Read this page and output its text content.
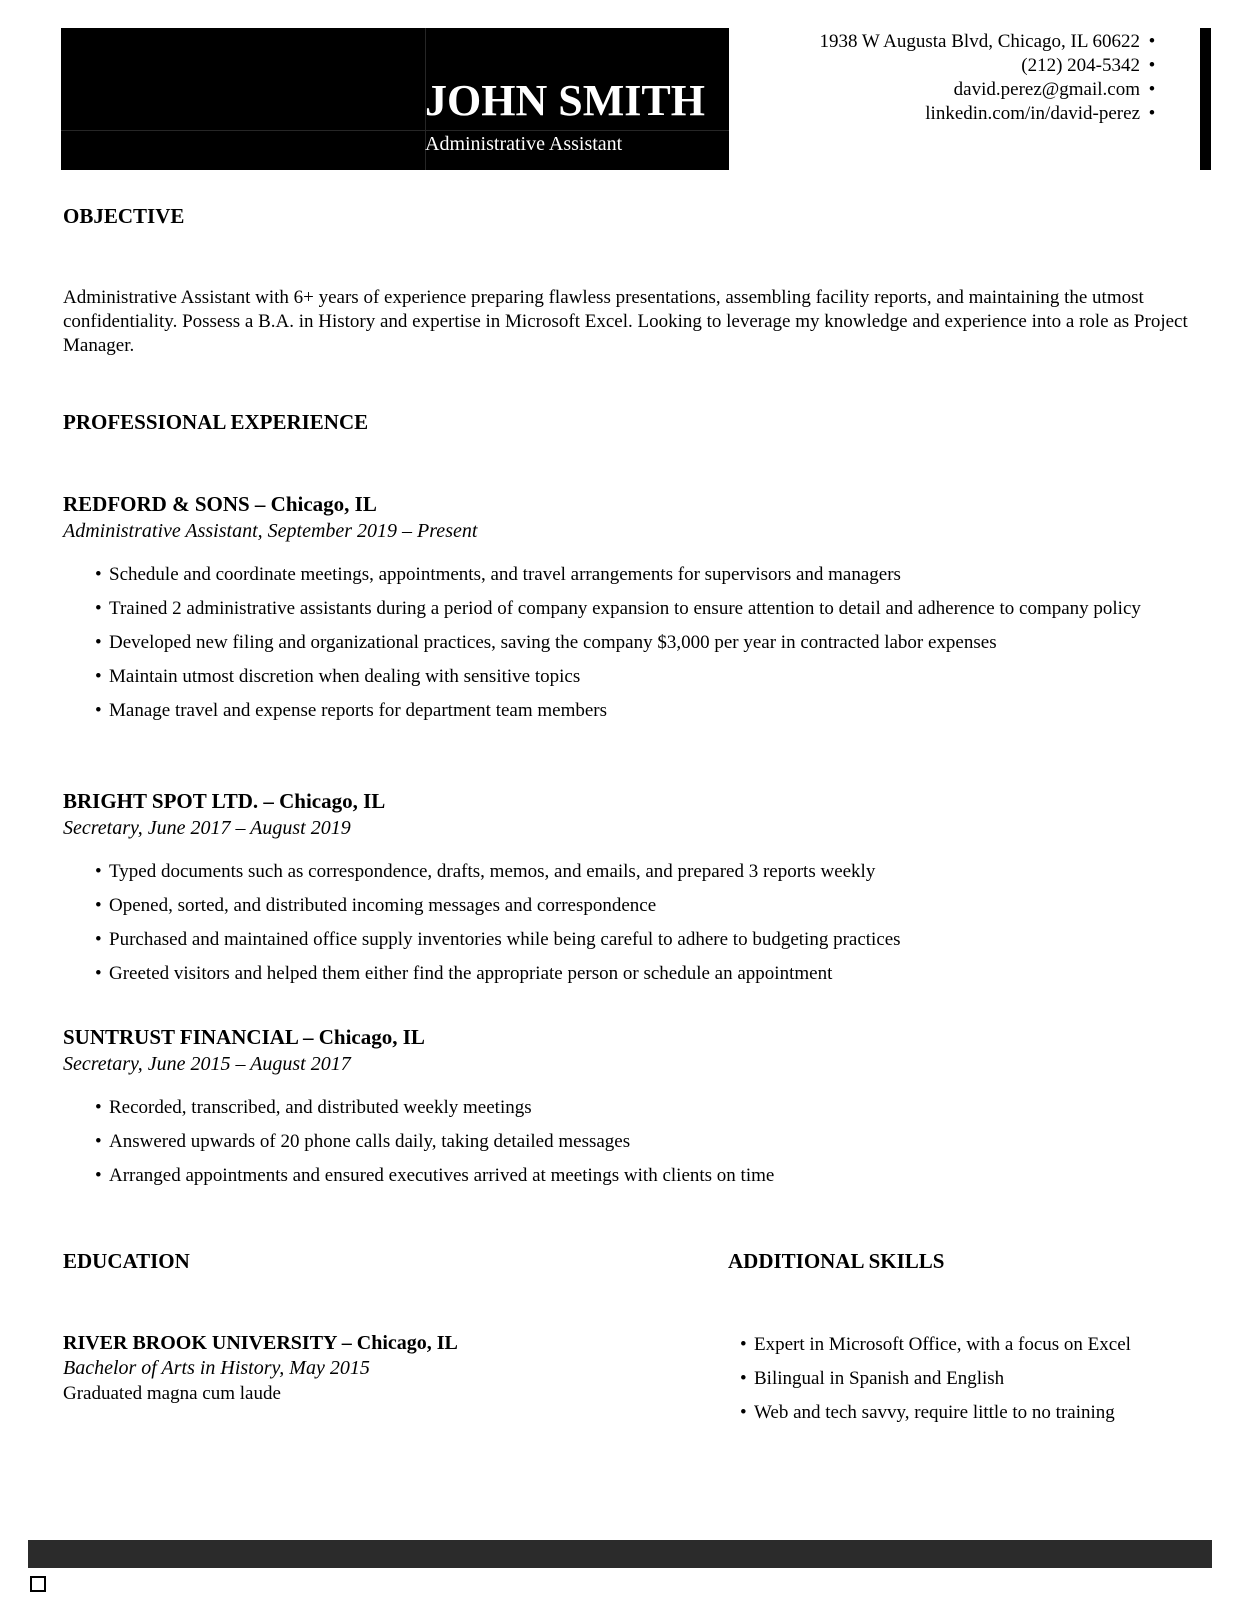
JOHN SMITH
Administrative Assistant
1938 W Augusta Blvd, Chicago, IL 60622 •
(212) 204-5342 •
david.perez@gmail.com •
linkedin.com/in/david-perez •
OBJECTIVE

Administrative Assistant with 6+ years of experience preparing flawless presentations, assembling facility reports, and maintaining the utmost confidentiality. Possess a B.A. in History and expertise in Microsoft Excel. Looking to leverage my knowledge and experience into a role as Project Manager.

PROFESSIONAL EXPERIENCE
REDFORD & SONS – Chicago, IL
Administrative Assistant, September 2019 – Present
• Schedule and coordinate meetings, appointments, and travel arrangements for supervisors and managers
• Trained 2 administrative assistants during a period of company expansion to ensure attention to detail and adherence to company policy
• Developed new filing and organizational practices, saving the company $3,000 per year in contracted labor expenses
• Maintain utmost discretion when dealing with sensitive topics
• Manage travel and expense reports for department team members
BRIGHT SPOT LTD. – Chicago, IL
Secretary, June 2017 – August 2019
• Typed documents such as correspondence, drafts, memos, and emails, and prepared 3 reports weekly
• Opened, sorted, and distributed incoming messages and correspondence
• Purchased and maintained office supply inventories while being careful to adhere to budgeting practices
• Greeted visitors and helped them either find the appropriate person or schedule an appointment
SUNTRUST FINANCIAL – Chicago, IL
Secretary, June 2015 – August 2017
• Recorded, transcribed, and distributed weekly meetings
• Answered upwards of 20 phone calls daily, taking detailed messages
• Arranged appointments and ensured executives arrived at meetings with clients on time
EDUCATION
RIVER BROOK UNIVERSITY – Chicago, IL
Bachelor of Arts in History, May 2015
Graduated magna cum laude
ADDITIONAL SKILLS
• Expert in Microsoft Office, with a focus on Excel
• Bilingual in Spanish and English
• Web and tech savvy, require little to no training
